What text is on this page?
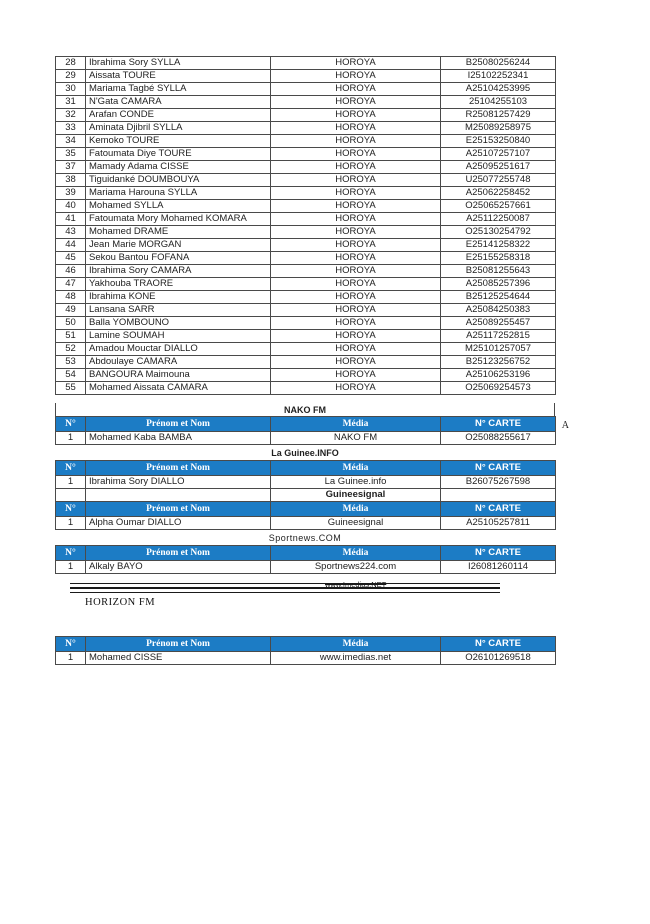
28	Ibrahima Sory SYLLA	HOROYA	B25080256244
29	Aissata TOURE	HOROYA	I25102252341
30	Mariama Tagbé SYLLA	HOROYA	A25104253995
31	N'Gata CAMARA	HOROYA	25104255103
32	Arafan CONDE	HOROYA	R25081257429
33	Aminata Djibril SYLLA	HOROYA	M25089258975
34	Kemoko TOURE	HOROYA	E25153250840
35	Fatoumata Diye TOURE	HOROYA	A25107257107
37	Mamady Adama CISSE	HOROYA	A25095251617
38	Tiguidanké DOUMBOUYA	HOROYA	U25077255748
39	Mariama Harouna SYLLA	HOROYA	A25062258452
40	Mohamed SYLLA	HOROYA	O25065257661
41	Fatoumata Mory Mohamed KOMARA	HOROYA	A25112250087
43	Mohamed DRAME	HOROYA	O25130254792
44	Jean Marie MORGAN	HOROYA	E25141258322
45	Sekou Bantou FOFANA	HOROYA	E25155258318
46	Ibrahima Sory CAMARA	HOROYA	B25081255643
47	Yakhouba TRAORE	HOROYA	A25085257396
48	Ibrahima KONE	HOROYA	B25125254644
49	Lansana SARR	HOROYA	A25084250383
50	Balla YOMBOUNO	HOROYA	A25089255457
51	Lamine SOUMAH	HOROYA	A25117252815
52	Amadou Mouctar DIALLO	HOROYA	M25101257057
53	Abdoulaye CAMARA	HOROYA	B25123256752
54	BANGOURA Maimouna	HOROYA	A25106253196
55	Mohamed Aissata CAMARA	HOROYA	O25069254573
NAKO FM
N°	Prénom et Nom	Média	N° CARTE
1	Mohamed Kaba BAMBA	NAKO FM	O25088255617
A
La Guinee.INFO
N°	Prénom et Nom	Média	N° CARTE
1	Ibrahima Sory DIALLO	La Guinee.info	B26075267598
		Guineesignal	
N°	Prénom et Nom	Média	N° CARTE
1	Alpha Oumar DIALLO	Guineesignal	A25105257811
Sportnews.COM
N°	Prénom et Nom	Média	N° CARTE
1	Alkaly BAYO	Sportnews224.com	I26081260114
www.Imedias.NET
HORIZON FM
N°	Prénom et Nom	Média	N° CARTE
1	Mohamed CISSE	www.imedias.net	O26101269518
